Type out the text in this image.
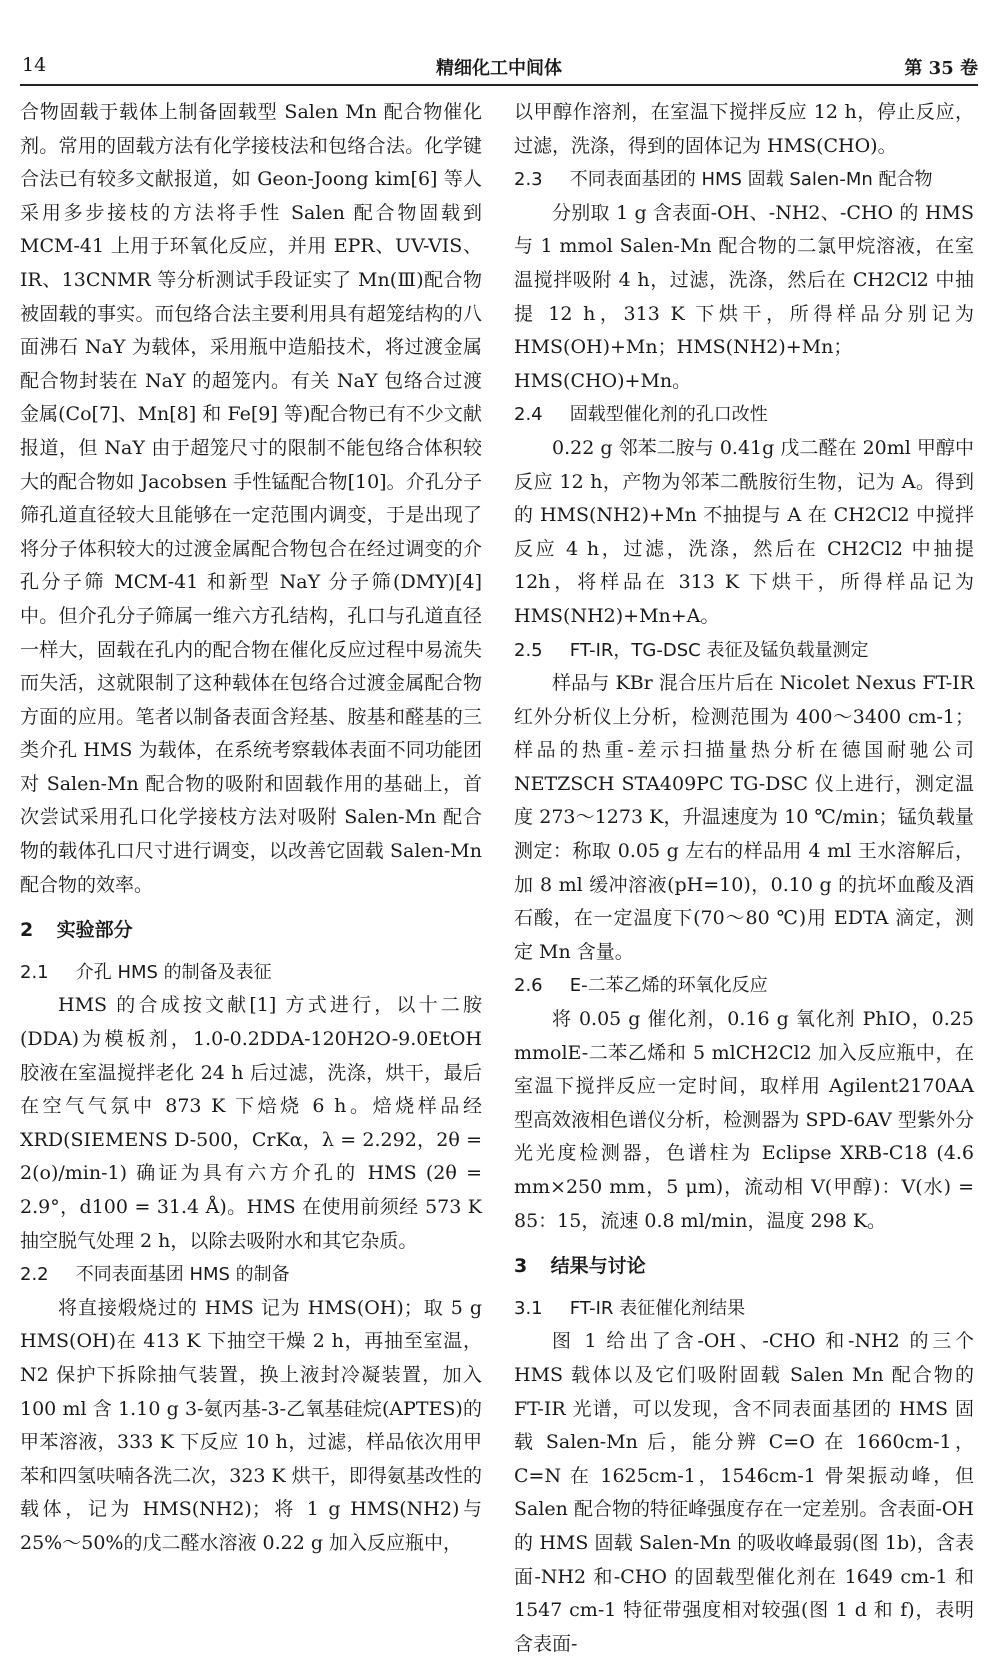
14	精细化工中间体	第 35 卷

合物固载于载体上制备固载型 Salen Mn 配合物催化剂。常用的固载方法有化学接枝法和包络合法。化学键合法已有较多文献报道，如 Geon-Joong kim[6] 等人采用多步接枝的方法将手性 Salen 配合物固载到 MCM-41 上用于环氧化反应，并用 EPR、UV-VIS、IR、13CNMR 等分析测试手段证实了 Mn(Ⅲ)配合物被固载的事实。而包络合法主要利用具有超笼结构的八面沸石 NaY 为载体，采用瓶中造船技术，将过渡金属配合物封装在 NaY 的超笼内。有关 NaY 包络合过渡金属(Co[7]、Mn[8] 和 Fe[9] 等)配合物已有不少文献报道，但 NaY 由于超笼尺寸的限制不能包络合体积较大的配合物如 Jacobsen 手性锰配合物[10]。介孔分子筛孔道直径较大且能够在一定范围内调变，于是出现了将分子体积较大的过渡金属配合物包合在经过调变的介孔分子筛 MCM-41 和新型 NaY 分子筛(DMY)[4] 中。但介孔分子筛属一维六方孔结构，孔口与孔道直径一样大，固载在孔内的配合物在催化反应过程中易流失而失活，这就限制了这种载体在包络合过渡金属配合物方面的应用。笔者以制备表面含羟基、胺基和醛基的三类介孔 HMS 为载体，在系统考察载体表面不同功能团对 Salen-Mn 配合物的吸附和固载作用的基础上，首次尝试采用孔口化学接枝方法对吸附 Salen-Mn 配合物的载体孔口尺寸进行调变，以改善它固载 Salen-Mn 配合物的效率。

2 实验部分
2.1 介孔 HMS 的制备及表征

HMS 的合成按文献[1] 方式进行，以十二胺(DDA)为模板剂，1.0-0.2DDA-120H2O-9.0EtOH 胶液在室温搅拌老化 24 h 后过滤，洗涤，烘干，最后在空气气氛中 873 K 下焙烧 6 h。焙烧样品经 XRD(SIEMENS D-500，CrKα，λ = 2.292，2θ = 2(o)/min-1) 确证为具有六方介孔的 HMS (2θ = 2.9°，d100 = 31.4 Å)。HMS 在使用前须经 573 K 抽空脱气处理 2 h，以除去吸附水和其它杂质。

2.2 不同表面基团 HMS 的制备

将直接煅烧过的 HMS 记为 HMS(OH)；取 5 g HMS(OH)在 413 K 下抽空干燥 2 h，再抽至室温，N2 保护下拆除抽气装置，换上液封冷凝装置，加入 100 ml 含 1.10 g 3-氨丙基-3-乙氧基硅烷(APTES)的甲苯溶液，333 K 下反应 10 h，过滤，样品依次用甲苯和四氢呋喃各洗二次，323 K 烘干，即得氨基改性的载体，记为 HMS(NH2)；将 1 g HMS(NH2)与 25%～50%的戊二醛水溶液 0.22 g 加入反应瓶中，

以甲醇作溶剂，在室温下搅拌反应 12 h，停止反应，过滤，洗涤，得到的固体记为 HMS(CHO)。

2.3 不同表面基团的 HMS 固载 Salen-Mn 配合物

分别取 1 g 含表面-OH、-NH2、-CHO 的 HMS 与 1 mmol Salen-Mn 配合物的二氯甲烷溶液，在室温搅拌吸附 4 h，过滤，洗涤，然后在 CH2Cl2 中抽提 12 h，313 K 下烘干，所得样品分别记为 HMS(OH)+Mn；HMS(NH2)+Mn；HMS(CHO)+Mn。

2.4 固载型催化剂的孔口改性

0.22 g 邻苯二胺与 0.41g 戊二醛在 20ml 甲醇中反应 12 h，产物为邻苯二酰胺衍生物，记为 A。得到的 HMS(NH2)+Mn 不抽提与 A 在 CH2Cl2 中搅拌反应 4 h，过滤，洗涤，然后在 CH2Cl2 中抽提 12h，将样品在 313 K 下烘干，所得样品记为 HMS(NH2)+Mn+A。

2.5 FT-IR，TG-DSC 表征及锰负载量测定

样品与 KBr 混合压片后在 Nicolet Nexus FT-IR 红外分析仪上分析，检测范围为 400～3400 cm-1；样品的热重-差示扫描量热分析在德国耐驰公司 NETZSCH STA409PC TG-DSC 仪上进行，测定温度 273～1273 K，升温速度为 10 ℃/min；锰负载量测定：称取 0.05 g 左右的样品用 4 ml 王水溶解后，加 8 ml 缓冲溶液(pH=10)，0.10 g 的抗坏血酸及酒石酸，在一定温度下(70～80 ℃)用 EDTA 滴定，测定 Mn 含量。

2.6 E-二苯乙烯的环氧化反应

将 0.05 g 催化剂，0.16 g 氧化剂 PhIO，0.25 mmolE-二苯乙烯和 5 mlCH2Cl2 加入反应瓶中，在室温下搅拌反应一定时间，取样用 Agilent2170AA 型高效液相色谱仪分析，检测器为 SPD-6AV 型紫外分光光度检测器，色谱柱为 Eclipse XRB-C18 (4.6 mm×250 mm，5 μm)，流动相 V(甲醇)：V(水) = 85：15，流速 0.8 ml/min，温度 298 K。

3 结果与讨论
3.1 FT-IR 表征催化剂结果

图 1 给出了含-OH、-CHO 和-NH2 的三个 HMS 载体以及它们吸附固载 Salen Mn 配合物的 FT-IR 光谱，可以发现，含不同表面基团的 HMS 固载 Salen-Mn 后，能分辨 C=O 在 1660cm-1，C=N 在 1625cm-1，1546cm-1 骨架振动峰，但 Salen 配合物的特征峰强度存在一定差别。含表面-OH 的 HMS 固载 Salen-Mn 的吸收峰最弱(图 1b)，含表面-NH2 和-CHO 的固载型催化剂在 1649 cm-1 和 1547 cm-1 特征带强度相对较强(图 1 d 和 f)，表明含表面-
